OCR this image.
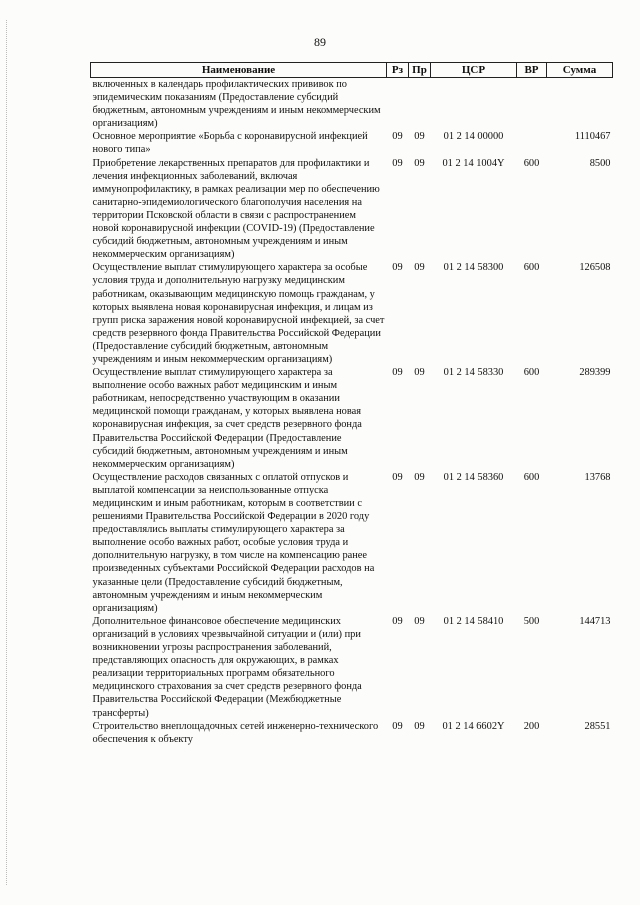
89
Наименование	Рз	Пр	ЦСР	ВР	Сумма
включенных в календарь профилактических прививок по эпидемическим показаниям (Предоставление субсидий бюджетным, автономным учреждениям и иным некоммерческим организациям)					
Основное мероприятие «Борьба с коронавирусной инфекцией нового типа»	09	09	01 2 14 00000		1110467
Приобретение лекарственных препаратов для профилактики и лечения инфекционных заболеваний, включая иммунопрофилактику, в рамках реализации мер по обеспечению санитарно-эпидемиологического благополучия населения на территории Псковской области в связи с распространением новой коронавирусной инфекции (COVID-19) (Предоставление субсидий бюджетным, автономным учреждениям и иным некоммерческим организациям)	09	09	01 2 14 1004Y	600	8500
Осуществление выплат стимулирующего характера за особые условия труда и дополнительную нагрузку медицинским работникам, оказывающим медицинскую помощь гражданам, у которых выявлена новая коронавирусная инфекция, и лицам из групп риска заражения новой коронавирусной инфекцией, за счет средств резервного фонда Правительства Российской Федерации (Предоставление субсидий бюджетным, автономным учреждениям и иным некоммерческим организациям)	09	09	01 2 14 58300	600	126508
Осуществление выплат стимулирующего характера за выполнение особо важных работ медицинским и иным работникам, непосредственно участвующим в оказании медицинской помощи гражданам, у которых выявлена новая коронавирусная инфекция, за счет средств резервного фонда Правительства Российской Федерации (Предоставление субсидий бюджетным, автономным учреждениям и иным некоммерческим организациям)	09	09	01 2 14 58330	600	289399
Осуществление расходов связанных с оплатой отпусков и выплатой компенсации за неиспользованные отпуска медицинским и иным работникам, которым в соответствии с решениями Правительства Российской Федерации в 2020 году предоставлялись выплаты стимулирующего характера за выполнение особо важных работ, особые условия труда и дополнительную нагрузку, в том числе на компенсацию ранее произведенных субъектами Российской Федерации расходов на указанные цели (Предоставление субсидий бюджетным, автономным учреждениям и иным некоммерческим организациям)	09	09	01 2 14 58360	600	13768
Дополнительное финансовое обеспечение медицинских организаций в условиях чрезвычайной ситуации и (или) при возникновении угрозы распространения заболеваний, представляющих опасность для окружающих, в рамках реализации территориальных программ обязательного медицинского страхования за счет средств резервного фонда Правительства Российской Федерации (Межбюджетные трансферты)	09	09	01 2 14 58410	500	144713
Строительство внеплощадочных сетей инженерно-технического обеспечения к объекту	09	09	01 2 14 6602Y	200	28551
